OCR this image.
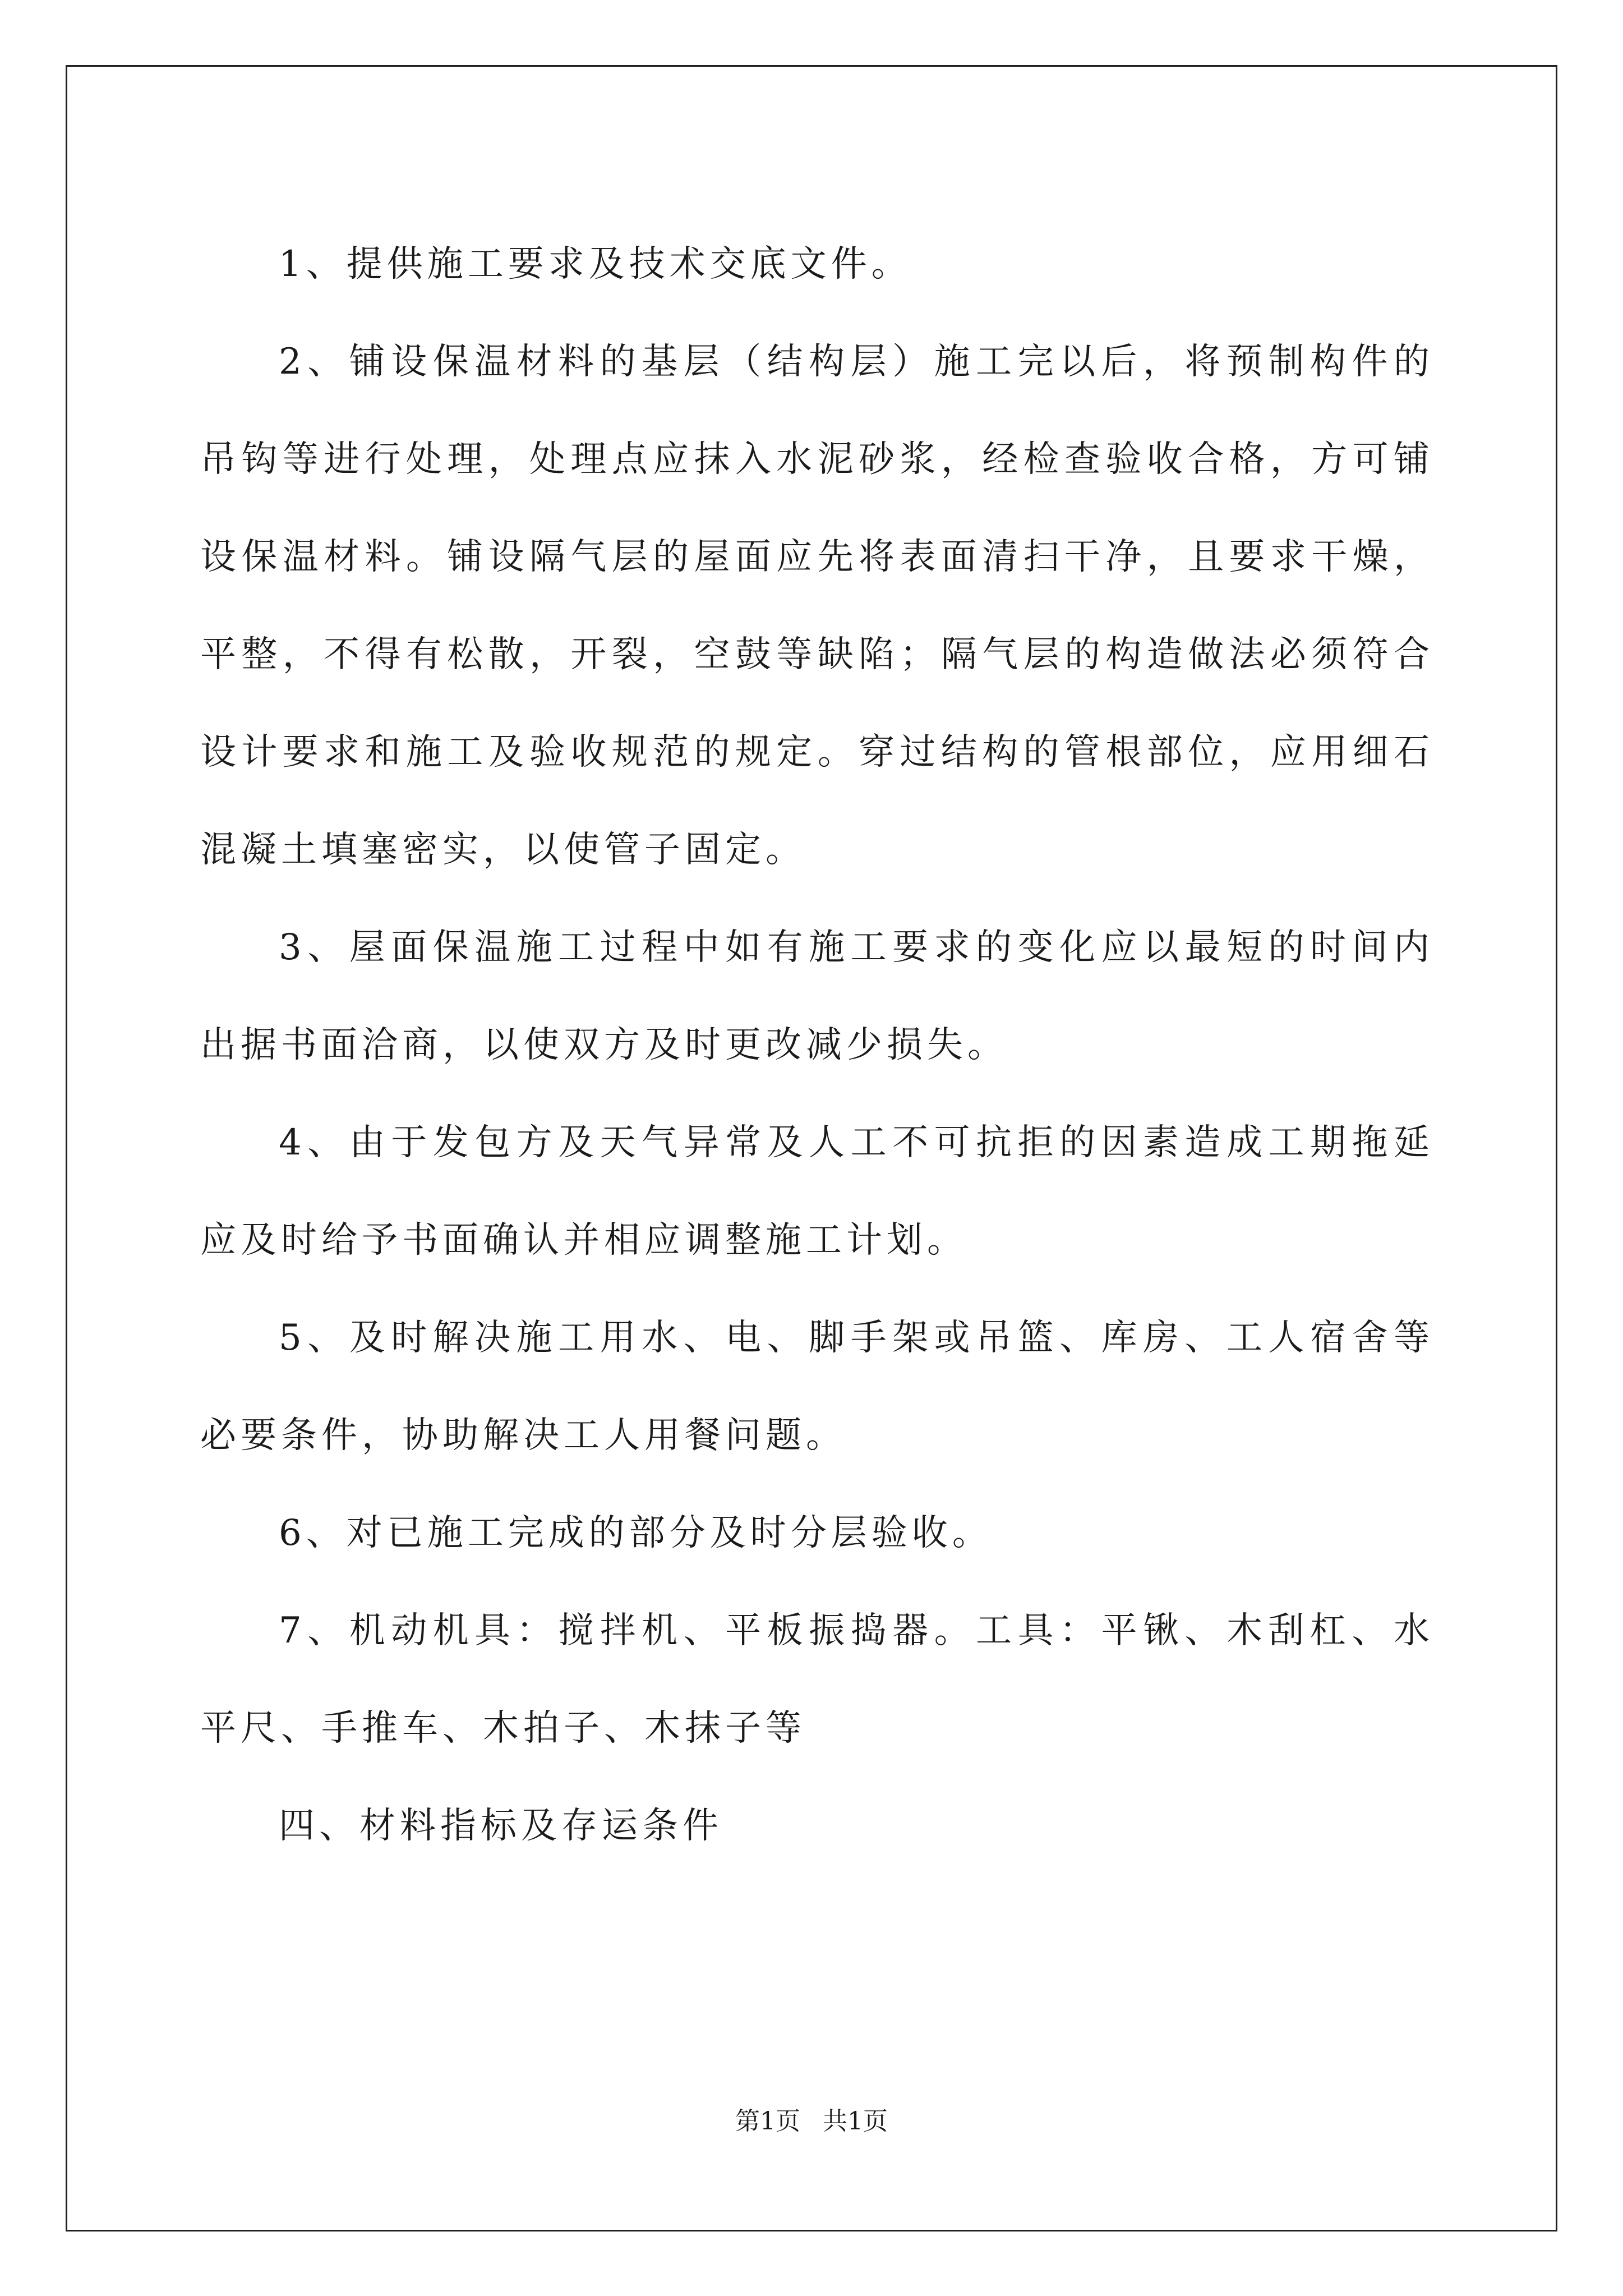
1、提供施工要求及技术交底文件。

2、铺设保温材料的基层（结构层）施工完以后，将预制构件的吊钩等进行处理，处理点应抹入水泥砂浆，经检查验收合格，方可铺设保温材料。铺设隔气层的屋面应先将表面清扫干净，且要求干燥，平整，不得有松散，开裂，空鼓等缺陷；隔气层的构造做法必须符合设计要求和施工及验收规范的规定。穿过结构的管根部位，应用细石混凝土填塞密实，以使管子固定。

3、屋面保温施工过程中如有施工要求的变化应以最短的时间内出据书面洽商，以使双方及时更改减少损失。

4、由于发包方及天气异常及人工不可抗拒的因素造成工期拖延应及时给予书面确认并相应调整施工计划。

5、及时解决施工用水、电、脚手架或吊篮、库房、工人宿舍等必要条件，协助解决工人用餐问题。

6、对已施工完成的部分及时分层验收。

7、机动机具：搅拌机、平板振捣器。工具：平锹、木刮杠、水平尺、手推车、木拍子、木抹子等

四、材料指标及存运条件

第1页 共1页
